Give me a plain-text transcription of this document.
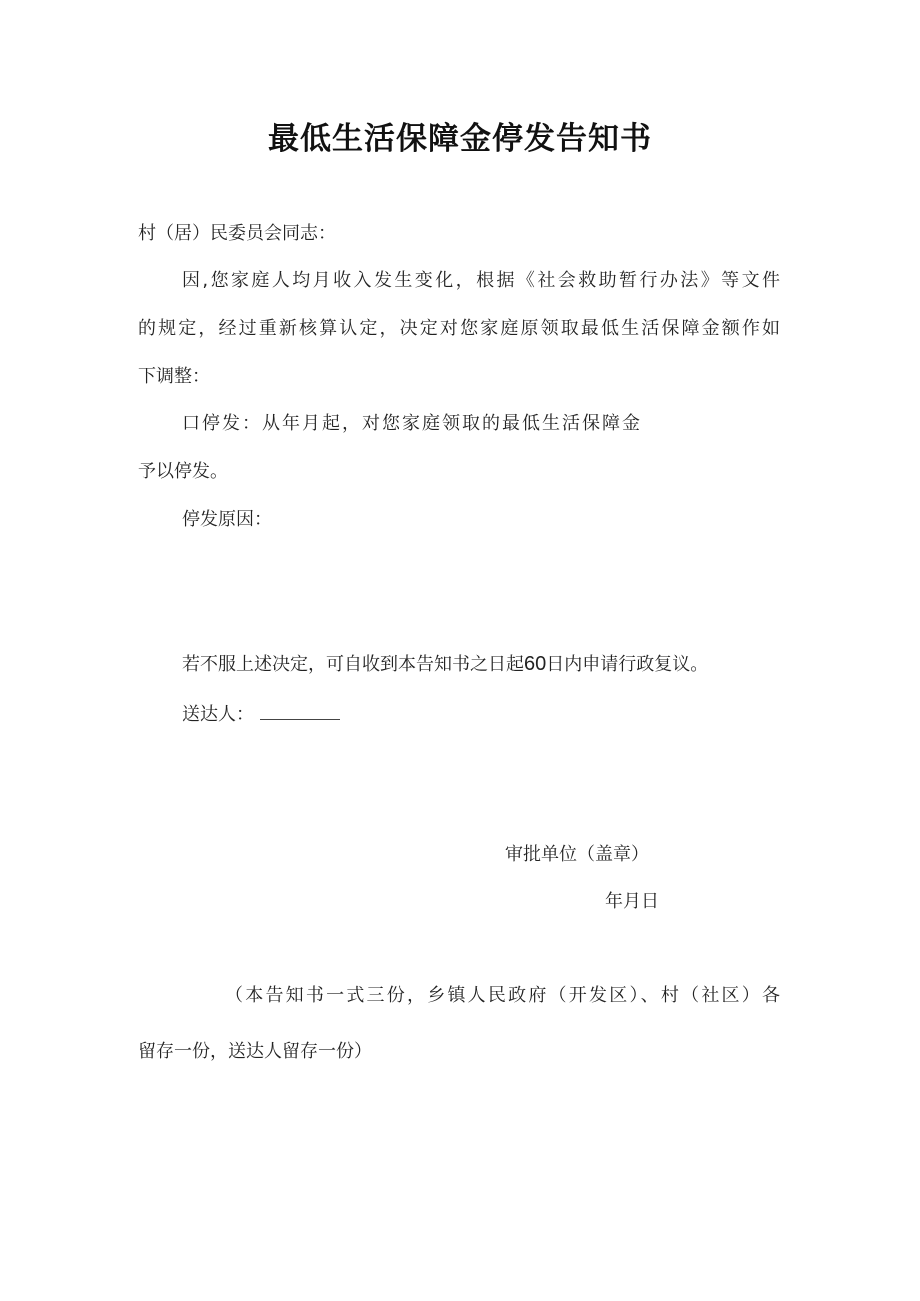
最低生活保障金停发告知书
村（居）民委员会同志：
因,您家庭人均月收入发生变化，根据《社会救助暂行办法》等文件
的规定，经过重新核算认定，决定对您家庭原领取最低生活保障金额作如
下调整：
口停发：从年月起，对您家庭领取的最低生活保障金
予以停发。
停发原因：
若不服上述决定，可自收到本告知书之日起60日内申请行政复议。
送达人：
审批单位（盖章）
年月日
（本告知书一式三份，乡镇人民政府（开发区）、村（社区）各
留存一份，送达人留存一份）
